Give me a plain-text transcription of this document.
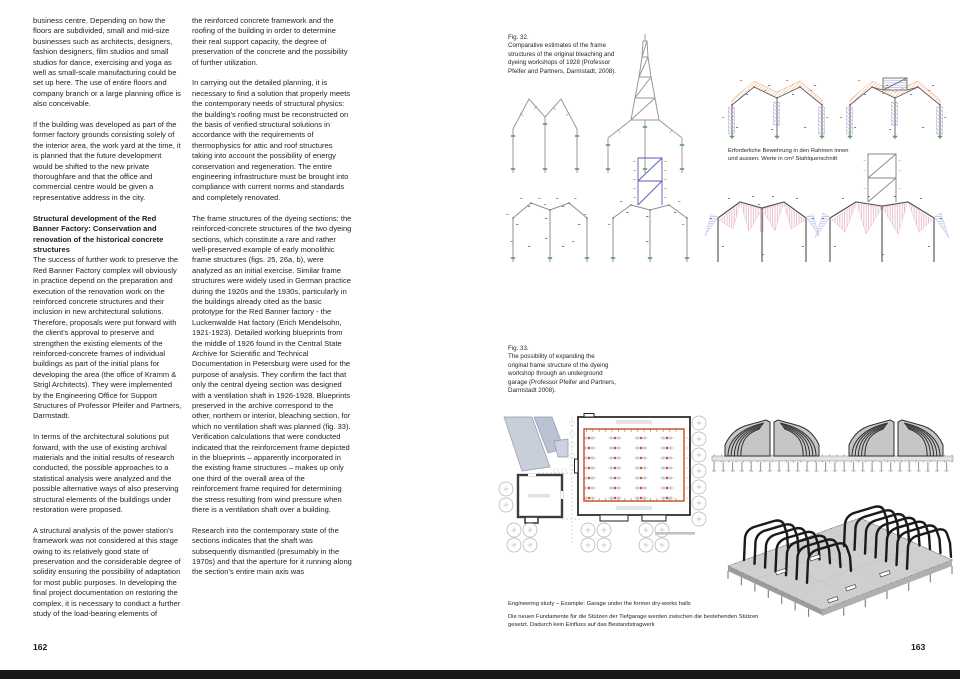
business centre. Depending on how the floors are subdivided, small and mid-size businesses such as architects, designers, fashion designers, film studios and small studios for dance, exercising and yoga as well as small-scale manufacturing could be set up here. The use of entire floors and company branch or a large planning office is also conceivable.

If the building was developed as part of the former factory grounds consisting solely of the interior area, the work yard at the time, it is planned that the future development would be shifted to the new private thoroughfare and that the office and commercial centre would be given a representative address in the city.

Structural development of the Red Banner Factory: Conservation and renovation of the historical concrete structures

The success of further work to preserve the Red Banner Factory complex will obviously in practice depend on the preparation and execution of the renovation work on the reinforced concrete structures and their inclusion in new architectural solutions. Therefore, proposals were put forward with the client's approval to preserve and strengthen the existing elements of the reinforced-concrete frames of individual buildings as part of the initial plans for developing the area (the office of Kramm & Strigl Architects). They were implemented by the Engineering Office for Support Structures of Professor Pfeifer and Partners, Darmstadt.

In terms of the architectural solutions put forward, with the use of existing archival materials and the initial results of research conducted, the possible approaches to a statistical analysis were analyzed and the possible alternative ways of also preserving structural elements of the buildings under restoration were proposed.

A structural analysis of the power station's framework was not considered at this stage owing to its relatively good state of preservation and the considerable degree of solidity ensuring the possibility of adaptation for most public purposes. In developing the final project documentation on restoring the complex, it is necessary to conduct a further study of the load-bearing elements of

the reinforced concrete framework and the roofing of the building in order to determine their real support capacity, the degree of preservation of the concrete and the possibility of further utilization.

In carrying out the detailed planning, it is necessary to find a solution that properly meets the contemporary needs of structural physics: the building's roofing must be reconstructed on the basis of verified structural solutions in accordance with the requirements of thermophysics for attic and roof structures taking into account the possibility of energy conservation and regeneration. The entire engineering infrastructure must be brought into compliance with current norms and standards and completely renovated.

The frame structures of the dyeing sections: the reinforced-concrete structures of the two dyeing sections, which constitute a rare and rather well-preserved example of early monolithic frame structures (figs. 25, 26a, b), were analyzed as an initial exercise. Similar frame structures were widely used in German practice during the 1920s and the 1930s, particularly in the buildings already cited as the basic prototype for the Red Banner factory - the Luckenwalde Hat factory (Erich Mendelsohn, 1921-1923). Detailed working blueprints from the middle of 1926 found in the Central State Archive for Scientific and Technical Documentation in Petersburg were used for the purpose of analysis. They confirm the fact that only the central dyeing section was designed with a ventilation shaft in 1926-1928. Blueprints preserved in the archive correspond to the other, northern or interior, bleaching section, for which no ventilation shaft was planned (fig. 33). Verification calculations that were conducted indicated that the reinforcement frame depicted in the blueprints – apparently incorporated in the existing frame structures – makes up only one third of the overall area of the reinforcement frame required for determining the stress resulting from wind pressure when there is a ventilation shaft over a building.

Research into the contemporary state of the sections indicates that the shaft was subsequently dismantled (presumably in the 1970s) and that the aperture for it running along the section's entire main axis was

162
Fig. 32.
Comparative estimates of the frame structures of the original bleaching and dyeing workshops of 1928 (Professor Pfeifer and Partners, Darmstadt, 2008).
Erforderliche Bewehrung in den Rahmen innen und aussen. Werte in cm² Stahlquerschnitt
Fig. 33.
The possibility of expanding the original frame structure of the dyeing workshop through an underground garage (Professor Pfeifer and Partners, Darmstadt 2008).
Engineering study – Example: Garage under the former dry-works halls
Die neuen Fundamente für die Stützen der Tiefgarage werden zwischen die bestehenden Stützen gesetzt. Dadurch kein Einfluss auf das Bestandstragwerk
163
